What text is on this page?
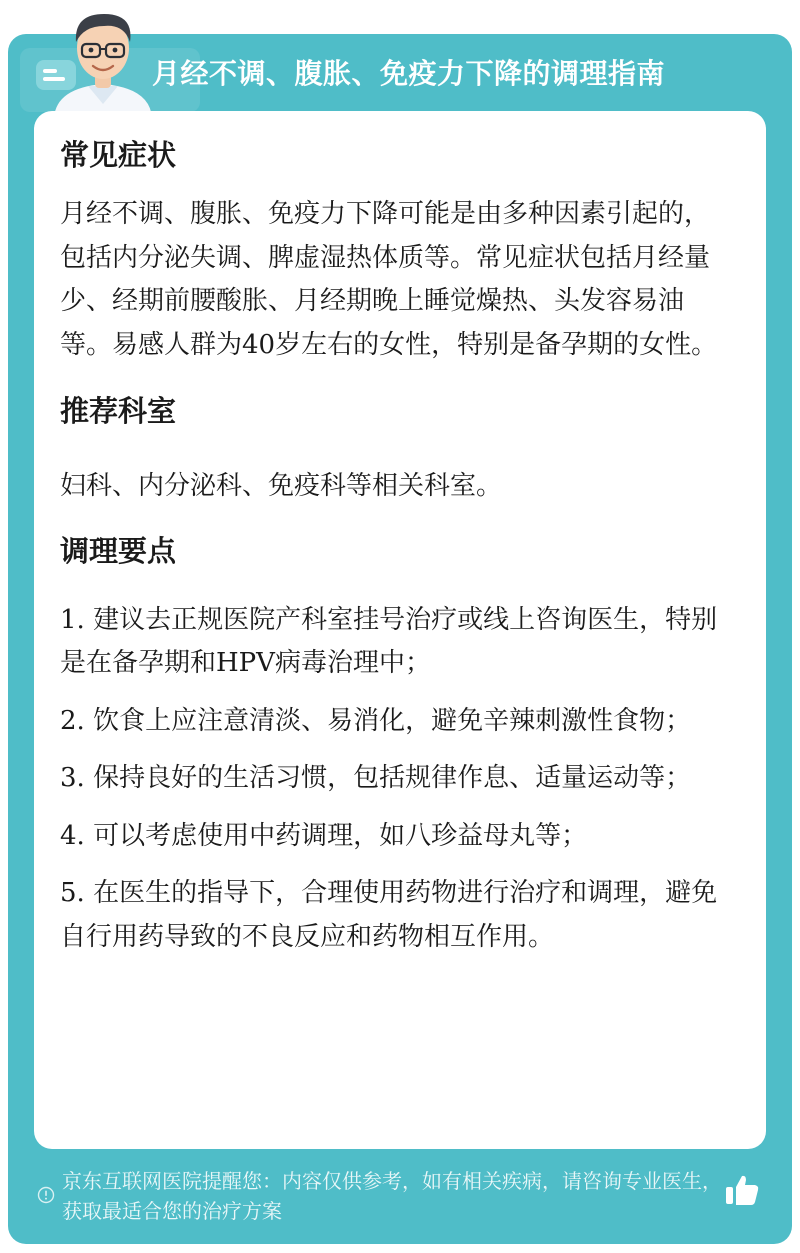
月经不调、腹胀、免疫力下降的调理指南
常见症状

月经不调、腹胀、免疫力下降可能是由多种因素引起的，包括内分泌失调、脾虚湿热体质等。常见症状包括月经量少、经期前腰酸胀、月经期晚上睡觉燥热、头发容易油等。易感人群为40岁左右的女性，特别是备孕期的女性。

推荐科室

妇科、内分泌科、免疫科等相关科室。

调理要点

1. 建议去正规医院产科室挂号治疗或线上咨询医生，特别是在备孕期和HPV病毒治理中；

2. 饮食上应注意清淡、易消化，避免辛辣刺激性食物；

3. 保持良好的生活习惯，包括规律作息、适量运动等；

4. 可以考虑使用中药调理，如八珍益母丸等；

5. 在医生的指导下，合理使用药物进行治疗和调理，避免自行用药导致的不良反应和药物相互作用。

京东互联网医院提醒您：内容仅供参考，如有相关疾病，请咨询专业医生，获取最适合您的治疗方案
